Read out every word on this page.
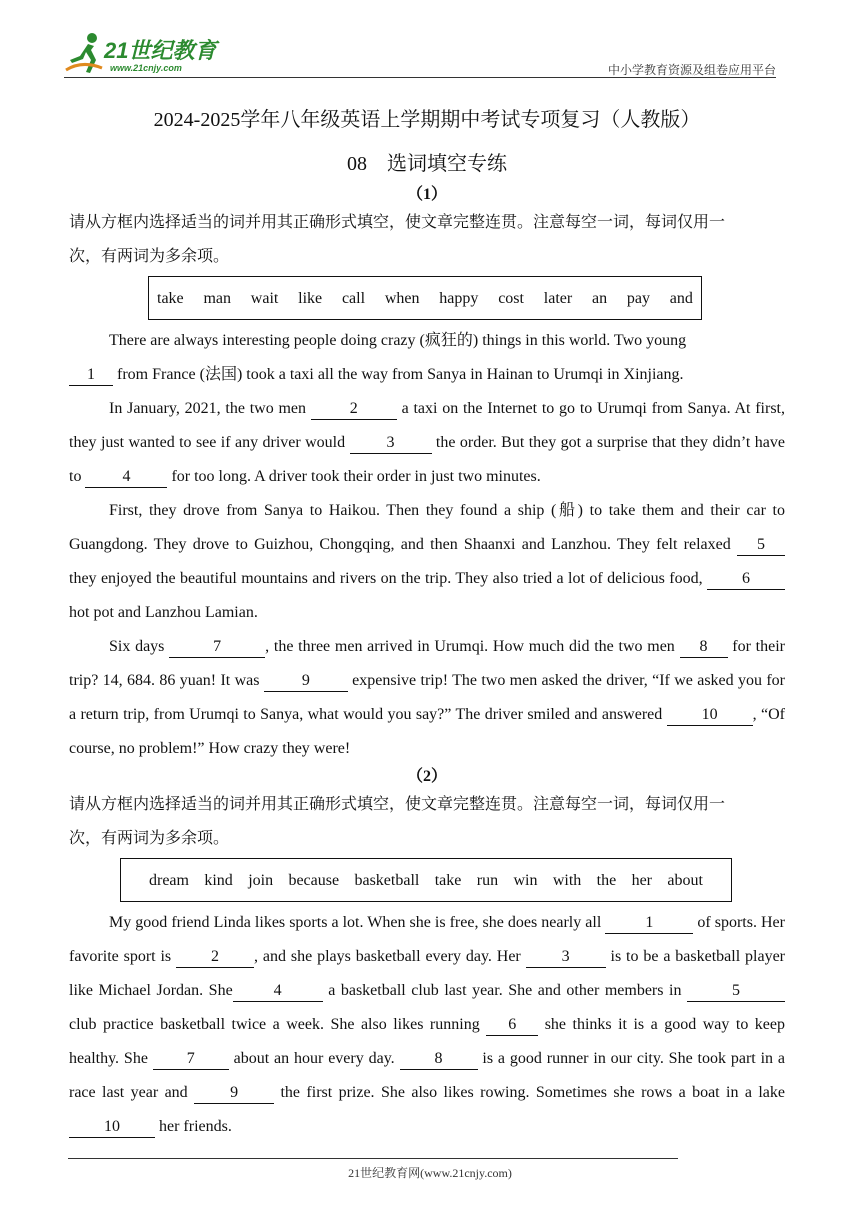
21世纪教育
www.21cnjy.com	中小学教育资源及组卷应用平台
2024-2025学年八年级英语上学期期中考试专项复习（人教版）
08　选词填空专练
（1）

请从方框内选择适当的词并用其正确形式填空，使文章完整连贯。注意每空一词，每词仅用一

次，有两词为多余项。

take man wait like call when happy cost later an pay and

There are always interesting people doing crazy (疯狂的) things in this world. Two young
1 from France (法国) took a taxi all the way from Sanya in Hainan to Urumqi in Xinjiang.

In January, 2021, the two men 2 a taxi on the Internet to go to Urumqi from Sanya. At first, they just wanted to see if any driver would 3 the order. But they got a surprise that they didn’t have to 4 for too long. A driver took their order in just two minutes.

First, they drove from Sanya to Haikou. Then they found a ship (船) to take them and their car to Guangdong. They drove to Guizhou, Chongqing, and then Shaanxi and Lanzhou. They felt relaxed 5 they enjoyed the beautiful mountains and rivers on the trip. They also tried a lot of delicious food, 6 hot pot and Lanzhou Lamian.

Six days	7	, the three men arrived in Urumqi. How much did the two men 8 for their trip? 14, 684. 86 yuan! It was 9 expensive trip! The two men asked the driver, “If we asked you for a return trip, from Urumqi to Sanya, what would you say?” The driver smiled and answered 10 , “Of course, no problem!” How crazy they were!

（2）

请从方框内选择适当的词并用其正确形式填空，使文章完整连贯。注意每空一词，每词仅用一

次，有两词为多余项。

dream kind join because basketball take run win with the her about

My good friend Linda likes sports a lot. When she is free, she does nearly all	1	of sports. Her favorite sport is 2 , and she plays basketball every day. Her 3 is to be a basketball player like Michael Jordan. She	4	a basketball club last year. She and other members in	5 club practice basketball twice a week. She also likes running 6 she thinks it is a good way to keep healthy. She 7 about an hour every day. 8 is a good runner in our city. She took part in a race last year and 9 the first prize. She also likes rowing. Sometimes she rows a boat in a lake 10 her friends.

21世纪教育网(www.21cnjy.com)
